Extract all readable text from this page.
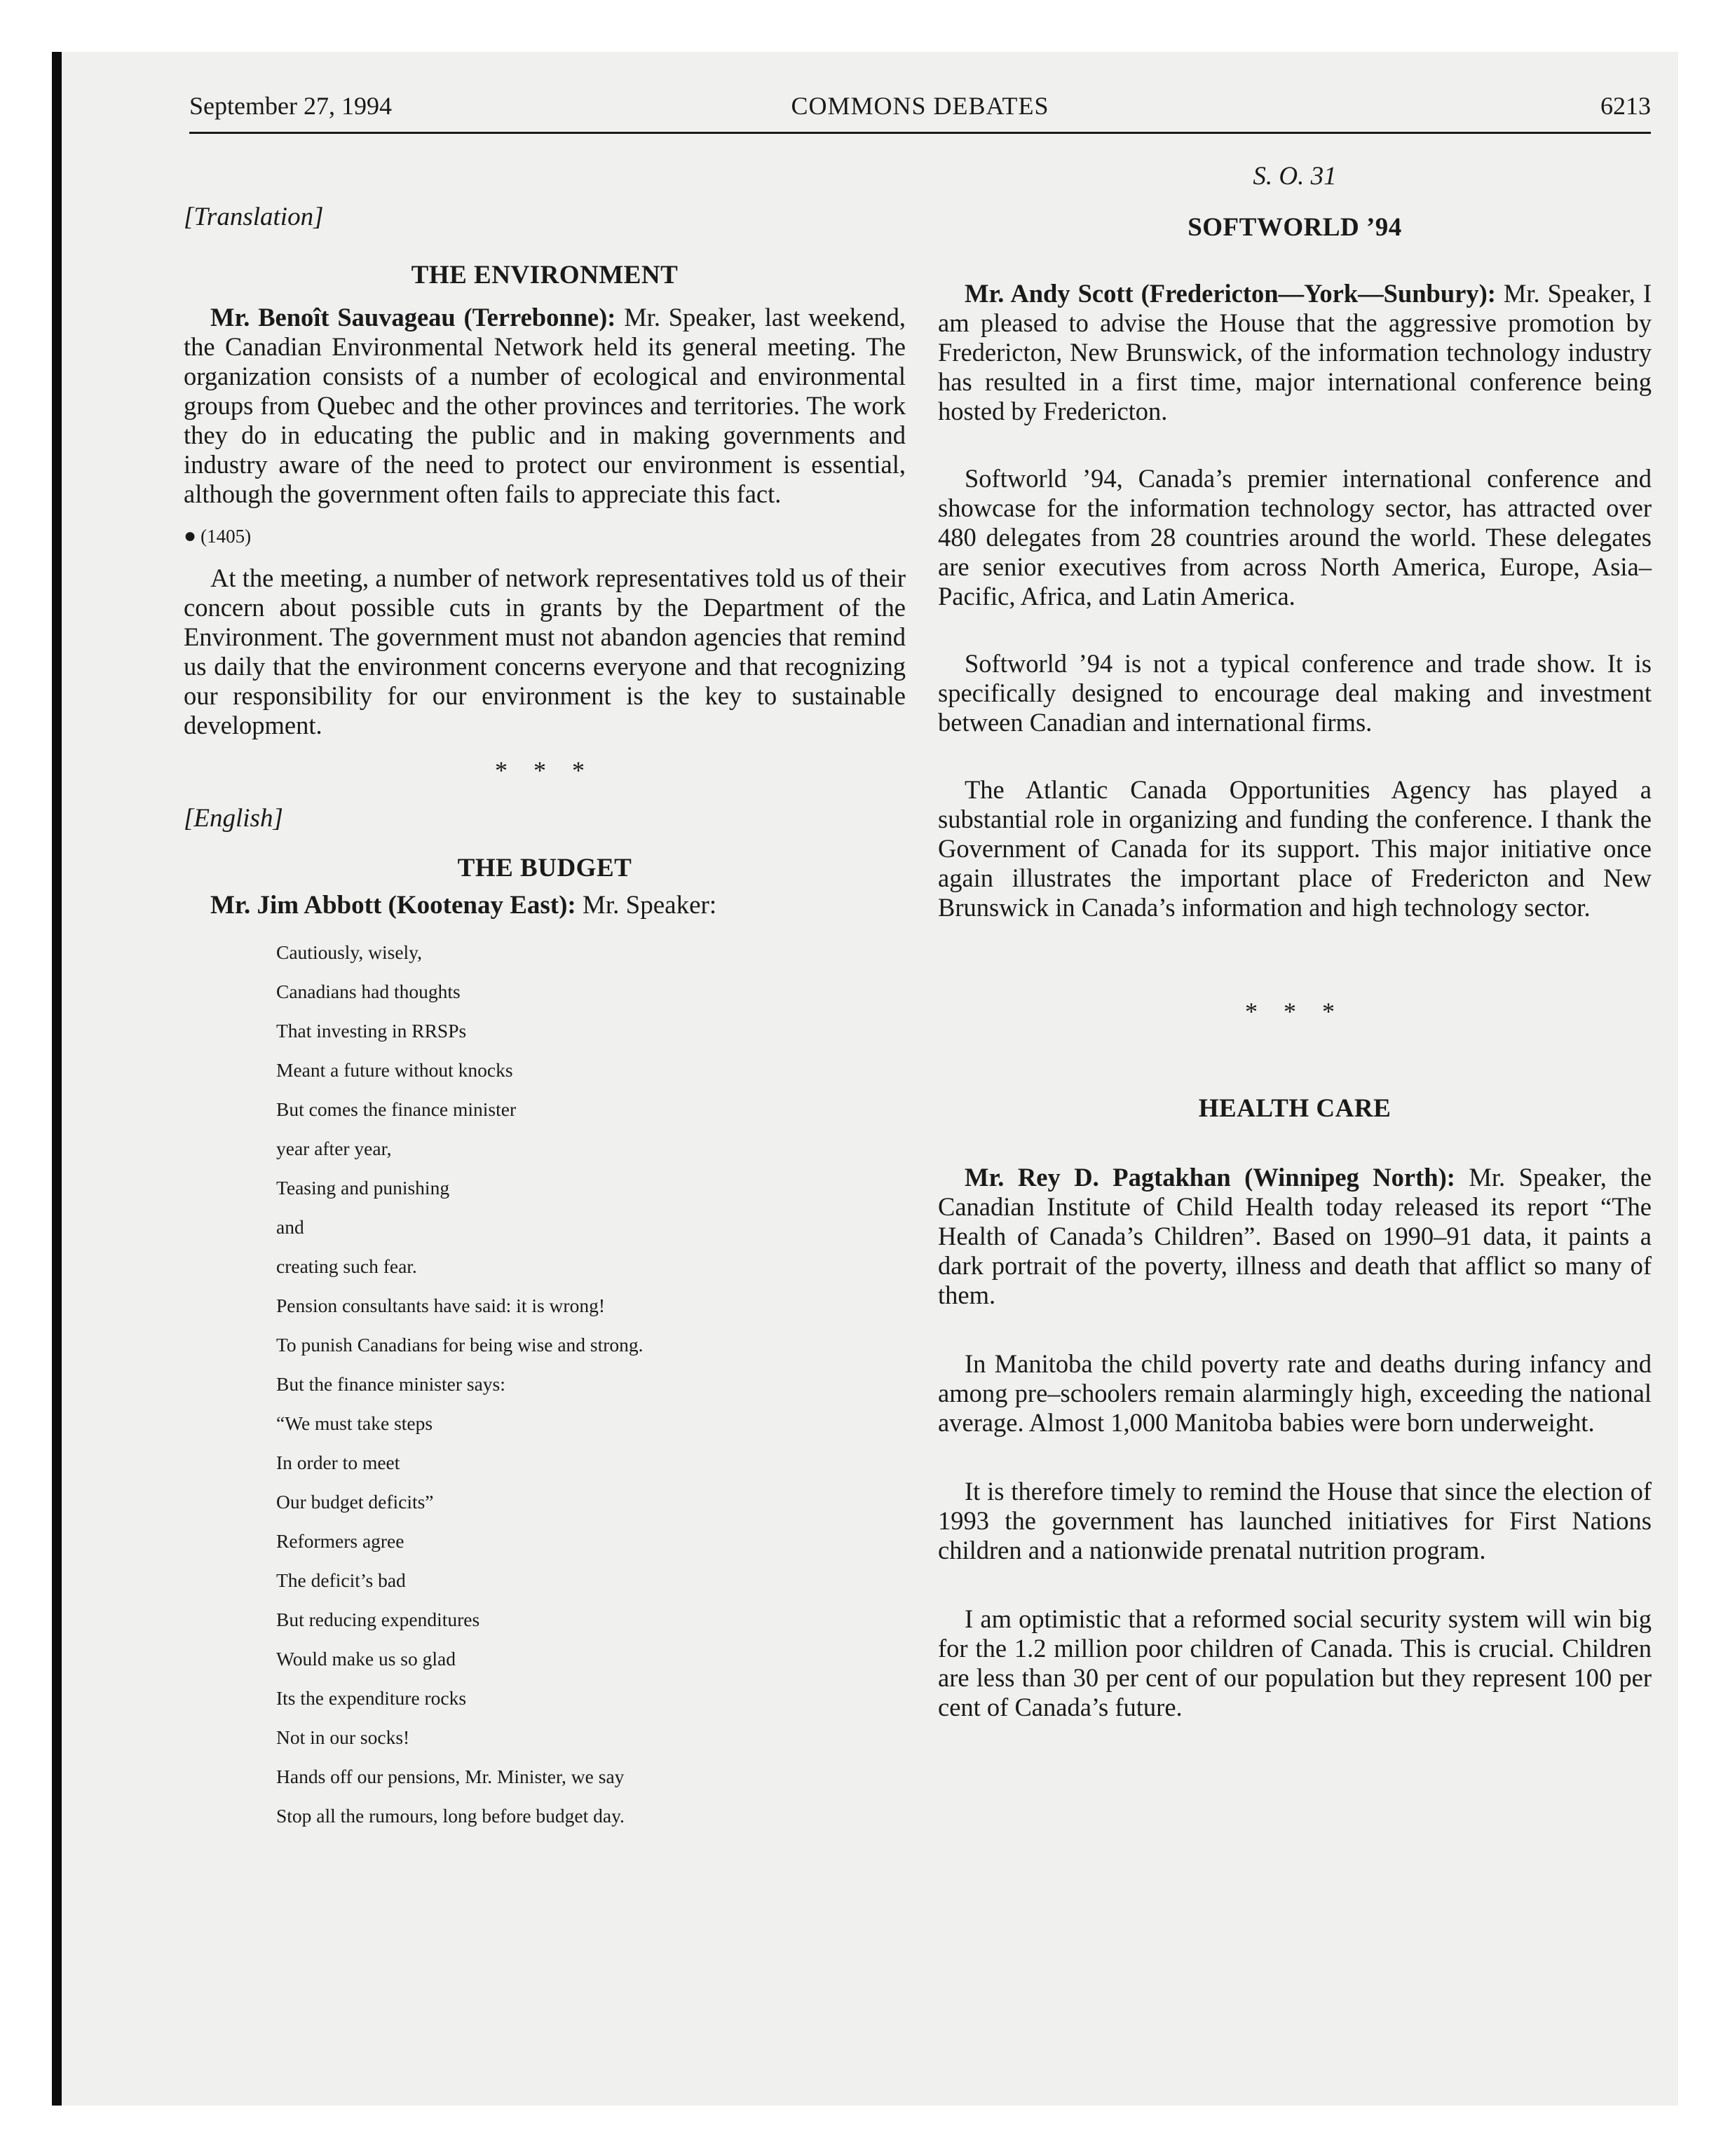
September 27, 1994	COMMONS DEBATES	6213

[Translation]

THE ENVIRONMENT

Mr. Benoît Sauvageau (Terrebonne): Mr. Speaker, last weekend, the Canadian Environmental Network held its general meeting. The organization consists of a number of ecological and environmental groups from Quebec and the other provinces and territories. The work they do in educating the public and in making governments and industry aware of the need to protect our environment is essential, although the government often fails to appreciate this fact.

● (1405)

At the meeting, a number of network representatives told us of their concern about possible cuts in grants by the Department of the Environment. The government must not abandon agencies that remind us daily that the environment concerns everyone and that recognizing our responsibility for our environment is the key to sustainable development.

* * *

[English]

THE BUDGET

Mr. Jim Abbott (Kootenay East): Mr. Speaker:

Cautiously, wisely,
Canadians had thoughts
That investing in RRSPs
Meant a future without knocks
But comes the finance minister
year after year,
Teasing and punishing
and
creating such fear.
Pension consultants have said: it is wrong!
To punish Canadians for being wise and strong.
But the finance minister says:
“We must take steps
In order to meet
Our budget deficits”
Reformers agree
The deficit’s bad
But reducing expenditures
Would make us so glad
Its the expenditure rocks
Not in our socks!
Hands off our pensions, Mr. Minister, we say
Stop all the rumours, long before budget day.

S. O. 31

SOFTWORLD ’94

Mr. Andy Scott (Fredericton—York—Sunbury): Mr. Speaker, I am pleased to advise the House that the aggressive promotion by Fredericton, New Brunswick, of the information technology industry has resulted in a first time, major international conference being hosted by Fredericton.

Softworld ’94, Canada’s premier international conference and showcase for the information technology sector, has attracted over 480 delegates from 28 countries around the world. These delegates are senior executives from across North America, Europe, Asia–Pacific, Africa, and Latin America.

Softworld ’94 is not a typical conference and trade show. It is specifically designed to encourage deal making and investment between Canadian and international firms.

The Atlantic Canada Opportunities Agency has played a substantial role in organizing and funding the conference. I thank the Government of Canada for its support. This major initiative once again illustrates the important place of Fredericton and New Brunswick in Canada’s information and high technology sector.

* * *

HEALTH CARE

Mr. Rey D. Pagtakhan (Winnipeg North): Mr. Speaker, the Canadian Institute of Child Health today released its report “The Health of Canada’s Children”. Based on 1990–91 data, it paints a dark portrait of the poverty, illness and death that afflict so many of them.

In Manitoba the child poverty rate and deaths during infancy and among pre–schoolers remain alarmingly high, exceeding the national average. Almost 1,000 Manitoba babies were born underweight.

It is therefore timely to remind the House that since the election of 1993 the government has launched initiatives for First Nations children and a nationwide prenatal nutrition program.

I am optimistic that a reformed social security system will win big for the 1.2 million poor children of Canada. This is crucial. Children are less than 30 per cent of our population but they represent 100 per cent of Canada’s future.
